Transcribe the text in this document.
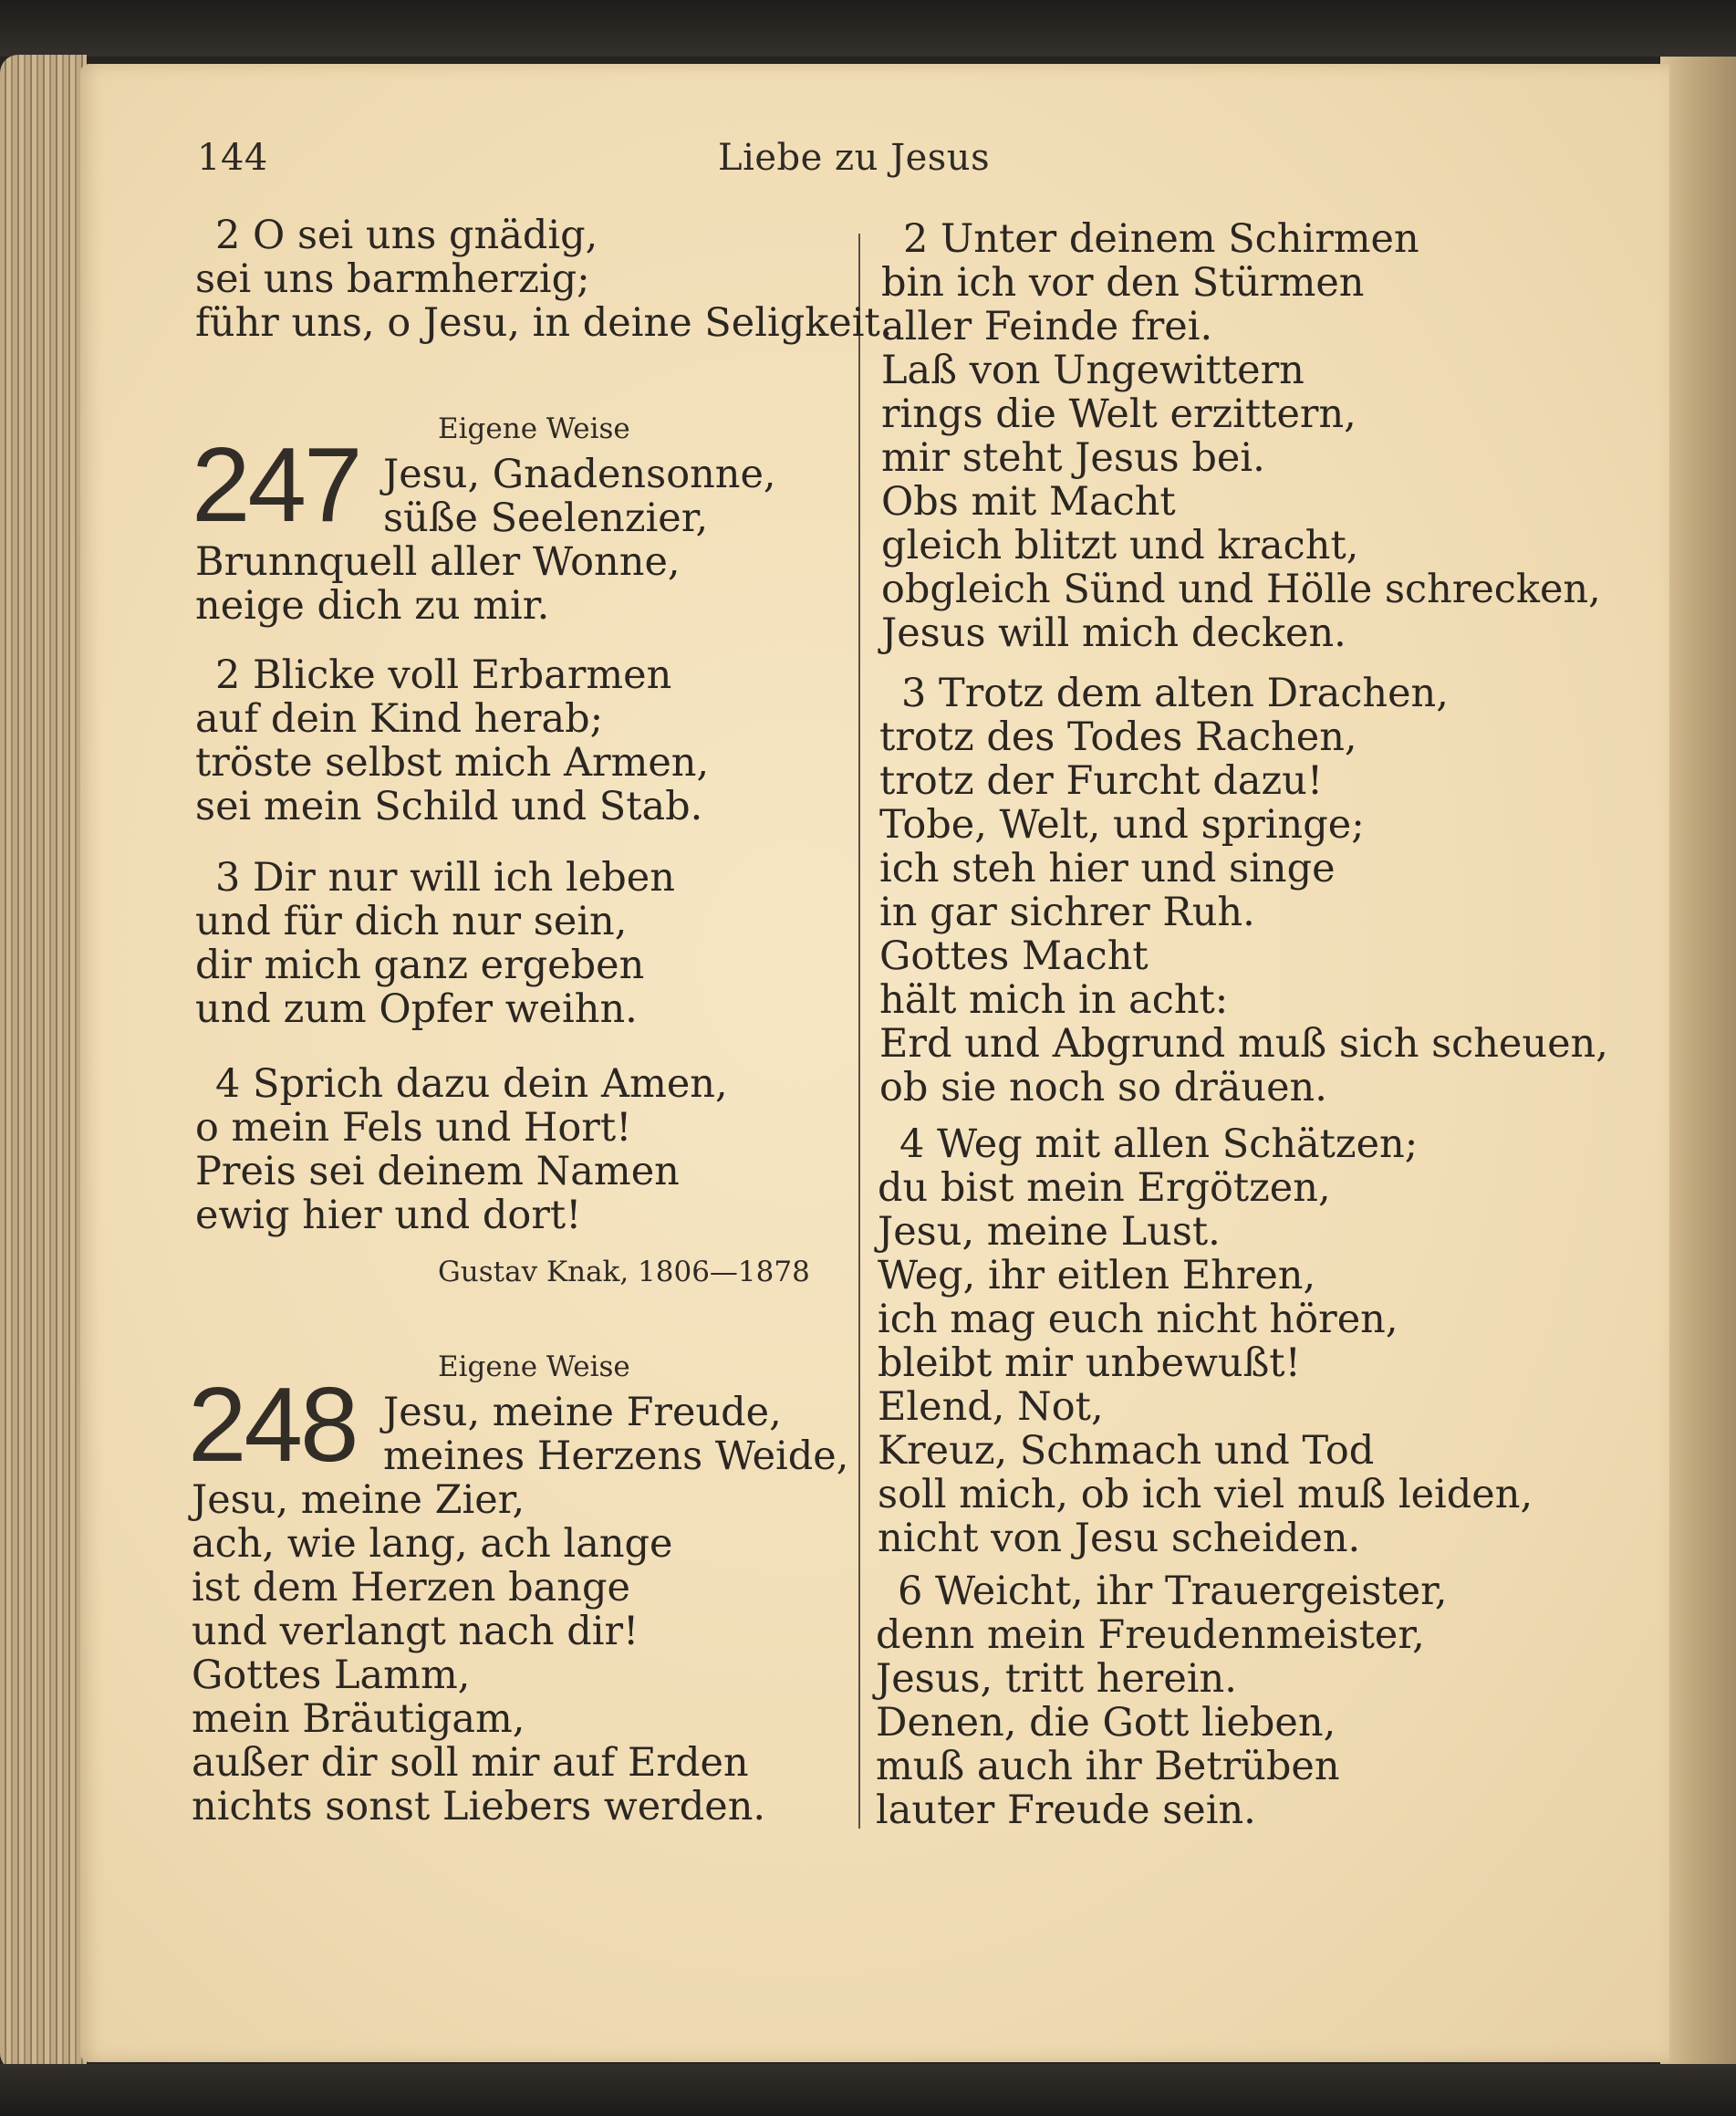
144	Liebe zu Jesus
2 O sei uns gnädig,
sei uns barmherzig;
führ uns, o Jesu, in deine Seligkeit.
Eigene Weise
247 Jesu, Gnadensonne,
süße Seelenzier,
Brunnquell aller Wonne,
neige dich zu mir.
2 Blicke voll Erbarmen
auf dein Kind herab;
tröste selbst mich Armen,
sei mein Schild und Stab.
3 Dir nur will ich leben
und für dich nur sein,
dir mich ganz ergeben
und zum Opfer weihn.
4 Sprich dazu dein Amen,
o mein Fels und Hort!
Preis sei deinem Namen
ewig hier und dort!
Gustav Knak, 1806—1878
Eigene Weise
248 Jesu, meine Freude,
meines Herzens Weide,
Jesu, meine Zier,
ach, wie lang, ach lange
ist dem Herzen bange
und verlangt nach dir!
Gottes Lamm,
mein Bräutigam,
außer dir soll mir auf Erden
nichts sonst Liebers werden.
2 Unter deinem Schirmen
bin ich vor den Stürmen
aller Feinde frei.
Laß von Ungewittern
rings die Welt erzittern,
mir steht Jesus bei.
Obs mit Macht
gleich blitzt und kracht,
obgleich Sünd und Hölle schrecken,
Jesus will mich decken.
3 Trotz dem alten Drachen,
trotz des Todes Rachen,
trotz der Furcht dazu!
Tobe, Welt, und springe;
ich steh hier und singe
in gar sichrer Ruh.
Gottes Macht
hält mich in acht:
Erd und Abgrund muß sich scheuen,
ob sie noch so dräuen.
4 Weg mit allen Schätzen;
du bist mein Ergötzen,
Jesu, meine Lust.
Weg, ihr eitlen Ehren,
ich mag euch nicht hören,
bleibt mir unbewußt!
Elend, Not,
Kreuz, Schmach und Tod
soll mich, ob ich viel muß leiden,
nicht von Jesu scheiden.
6 Weicht, ihr Trauergeister,
denn mein Freudenmeister,
Jesus, tritt herein.
Denen, die Gott lieben,
muß auch ihr Betrüben
lauter Freude sein.
